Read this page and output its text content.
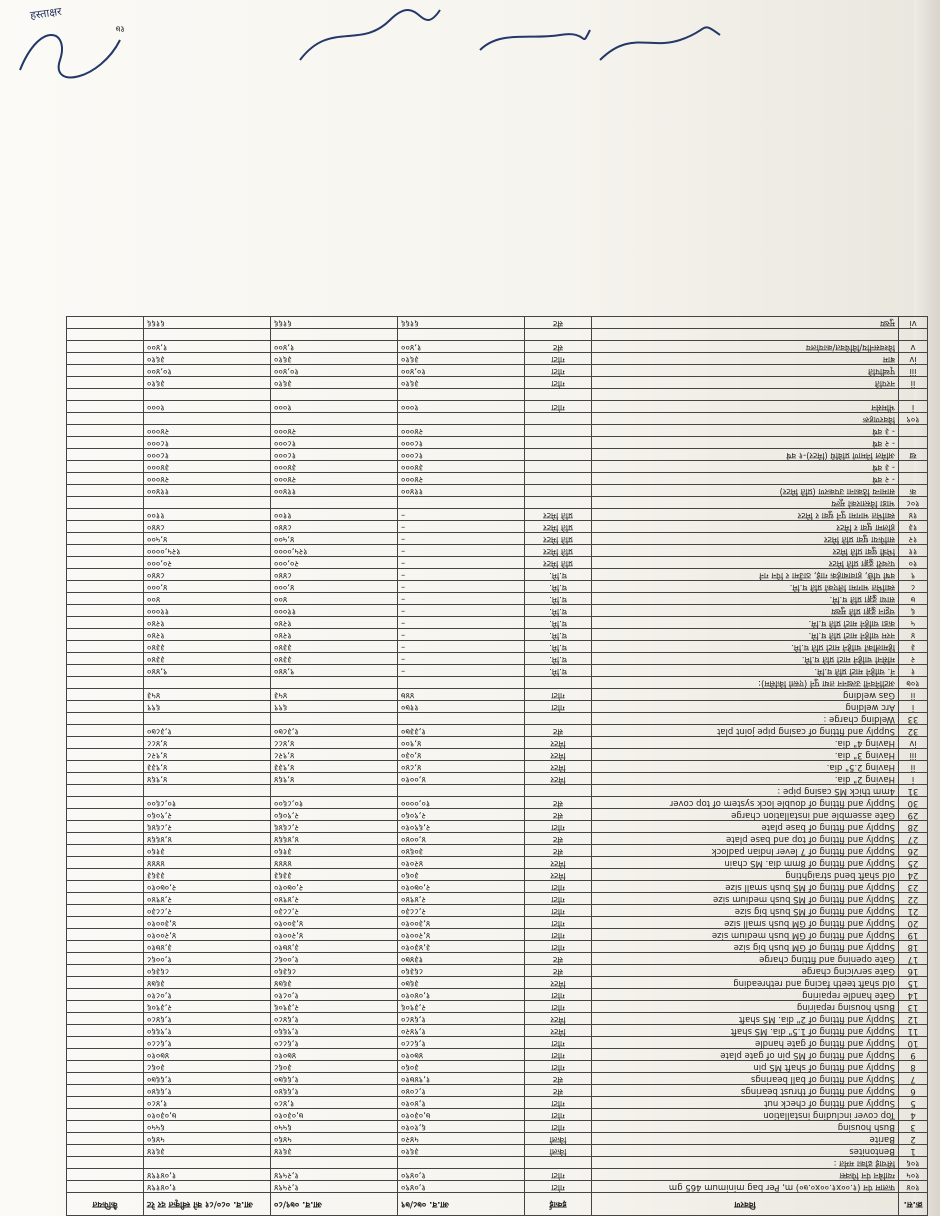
क्र.स.	विवरण	इकाई	आ.व. ०७८/७९	आ.व. ०७९/८०	आ.व. ०८०/८१ को स्वीकृत दर रेट	कैफियत
१०४	फलाम पेन (१.००x१.००x०.७०) m, Per bag minimum 465 gm	गोटा	१,०४९०	१,२५९४	१,०४१९४	
१०५	ग्याबिन पेन फिक्स	गोटा	१,०४९०	१,२५९४	१,०४१९४	
१०६	सिंचाई ढोका मर्मत :					
1	Bentonites	किलो	३६१०	३६१४	३६१४	
2	Barite	किलो	५४२०	५४६०	५४६०	
3	Bush housing	गोटा	६,१०१०	६५५०	६५५०	
4	Top cover including installation	गोटा	७,०३०१०	७,०३०१०	७,०३०१०	
5	Supply and fitting of check nut	गोटा	१,४०१०	१,४८०	१,४८०	
6	Supply and fitting of thrust bearings	सेट	१,८०४०	१,६६४०	१,६६४०	
7	Supply and fitting of ball bearings	सेट	१,९४७१०	१,६६७०	१,६६७०	
8	Supply and fitting of shaft MS pin	गोटा	३०६०	३०६८	३०६८	
9	Supply and fitting of MS pin of gate plate	गोटा	४७०१०	४७०१०	४७०१०	
10	Supply and fitting of gate handle	गोटा	१,६८८०	१,६८८०	१,६८८०	
11	Supply and fitting of 1.5" dia. MS shaft	मिटर	१,९४२०	१,९६६०	१,९६६०	
12	Supply and fitting of 2" dia. MS shaft	मिटर	१,६४८०	१,६४८०	१,६४८०	
13	Bush housing repairing	गोटा	२,३९०६	२,३९०६	२,३९०६	
14	Gate handle repairing	गोटा	१,०४०१०	१,०८१०	१,०८१०	
15	old shaft teeth facing and rethreading	मिटर	३६७०	३६७४	३६७४	
16	Gate servicing charge	सेट	८६३६०	८६३६०	८६३६०	
17	Gate opening and fitting charge	सेट	१३४७०	१,००६८	१,००६८	
18	Supply and fitting of GM bush big size	गोटा	३,४३०१०	३,४७१०	३,४७१०	
19	Supply and fitting of GM bush medium size	गोटा	४,२००१०	४,२००१०	४,२००१०	
20	Supply and fitting of GM bush small size	गोटा	४,३००१०	४,३००१०	४,३००१०	
21	Supply and fitting of MS bush big size	गोटा	२,८८३०	२,८८३०	२,८८३०	
22	Supply and fitting of MS bush medium size	गोटा	२,४९४०	२,४९४०	२,४९४०	
23	Supply and fitting of MS bush small size	गोटा	२,०७०१०	२,०७०१०	२,०७०१०	
24	old shaft bend straighting	मिटर	३०६०	३३६३	३३६३	
25	Supply and fitting of 8mm dia. MS chain	मिटर	४२०१०	४४४४	४४४४	
26	Supply and fitting of 7 lever Indian padlock	सेट	३०६४०	३१६०	३१६०	
27	Supply and fitting of top and base plate	सेट	४,००४०	४,४६६४	४,४६६४	
28	Supply and fitting of base plate	गोटा	२,६९०१०	२,८६४६	२,८६४६	
29	Gate assemble and installation charge	सेट	२,९०६०	२,९०६०	२,९०६०	
30	Supply and fitting of double lock system of top cover	सेट	१०,००००	१०,८६००	१०,८६००	
31	4mm thick MS casing pipe :					
i	Having 2" dia.	मिटर	४,००१०	४,९६४	४,९६४	
ii	Having 2.5" dia.	मिटर	४,८४०	४,९३३	४,९३३	
iii	Having 3" dia.	मिटर	४,०३०	४,९२८	४,९२८	
iv	Having 4" dia.	मिटर	४,९००	४,४८८	४,४८८	
32	Supply and fitting of casing pipe joint plat	सेट	१,३३७०	१,३८७०	१,३८७०	
33	Welding charge :					
i	Arc welding	गोटा	११७०	६९९	६९९	
ii	Gas welding	गोटा	४४७	४५३	४५३	
१०७	अटोनिवनी उत्खनन तथा पुर्ने (एस्तो किसिम):					
१	नं. चाहिने माटो प्रति घ.मि.	घ.मि.	–	९,४४०	९,४४०	
२	मसिनो चाहिने माटो प्रति घ.मि.	घ.मि.	–	३३४०	३३४०	
३	हिमालीको चाहिने माटो प्रति घ.मि.	घ.मि.	–	३३४०	३३४०	
४	नरम चाहिने माटो प्रति घ.मि.	घ.मि.	–	१२४०	१२४०	
५	कडा चाहिने माटो प्रति घ.मि.	घ.मि.	–	१२४०	१२४०	
६	चट्टान ढुङ्गा प्रति मुख्य	घ.मि.	–	११०००	११०००	
७	साधा ढुङ्गा प्रति घ.मि.	घ.मि.	–	४००	४००	
८	स्वाभित भागमा लिएको प्रति घ.मि.	घ.मि.	–	४,०००	४,०००	
९	वर्षा पछि, हावाबाहेक गाई, ठाउँमा र पिन गर्ने	घ.मि.	–	८४४०	८४४०	
१०	पत्थरी ढुङ्गा प्रति मिटर	प्रति मिटर	–	२०,०००	२०,०००	
११	भित्री धुवा प्रति मिटर	प्रति मिटर	–	१२५,००००	१२५,००००	
१२	साफिया धुवा प्रति मिटर	प्रति मिटर	–	४,५००	४,५००	
१३	होलमा धुवा र मिटर	प्रति मिटर	–	८४४०	८४४०	
१४	स्वाभित भागमा पुर्ने धुवा र मिटर	प्रति मिटर	–	११००	११००	
१०८	भाडा विस्तारको मूल्य					
क	सामान्य ठिकाना उपकरण (प्रति मिटर)		११४००	११४००	११४००	
	- २ वर्ष		२४०००	२४०००	२४०००	
	- ३ वर्ष		३४०००	३४०००	३४०००	
ख	अमिल निमार्ण प्रविधि (मिटर)-१ वर्ष		१८०००	१८०००	१८०००	
	- २ वर्ष		१८०००	१८०००	१८०००	
	- ३ वर्ष		२४०००	२४०००	२४०००	
१०९	विवरणहरू					
i	भीमसेन	गोटा	१०००	१०००	१०००	

ii	नरपति	गोटा	३६१०	३६१०	३६१०	
iii	पृथ्वीपति	गोटा	१०,४००	१०,४००	१०,४००	
iv	बाम	गोटा	३६१०	३६१०	३६१०	
v	विश्वसनीय/विधिवत/कार्यालय	सेट	१,४००	१,४००	१,४००	

vi	मुख्य	सेट	६१६६	६१६६	६१६६	
१७
हस्ताक्षर
